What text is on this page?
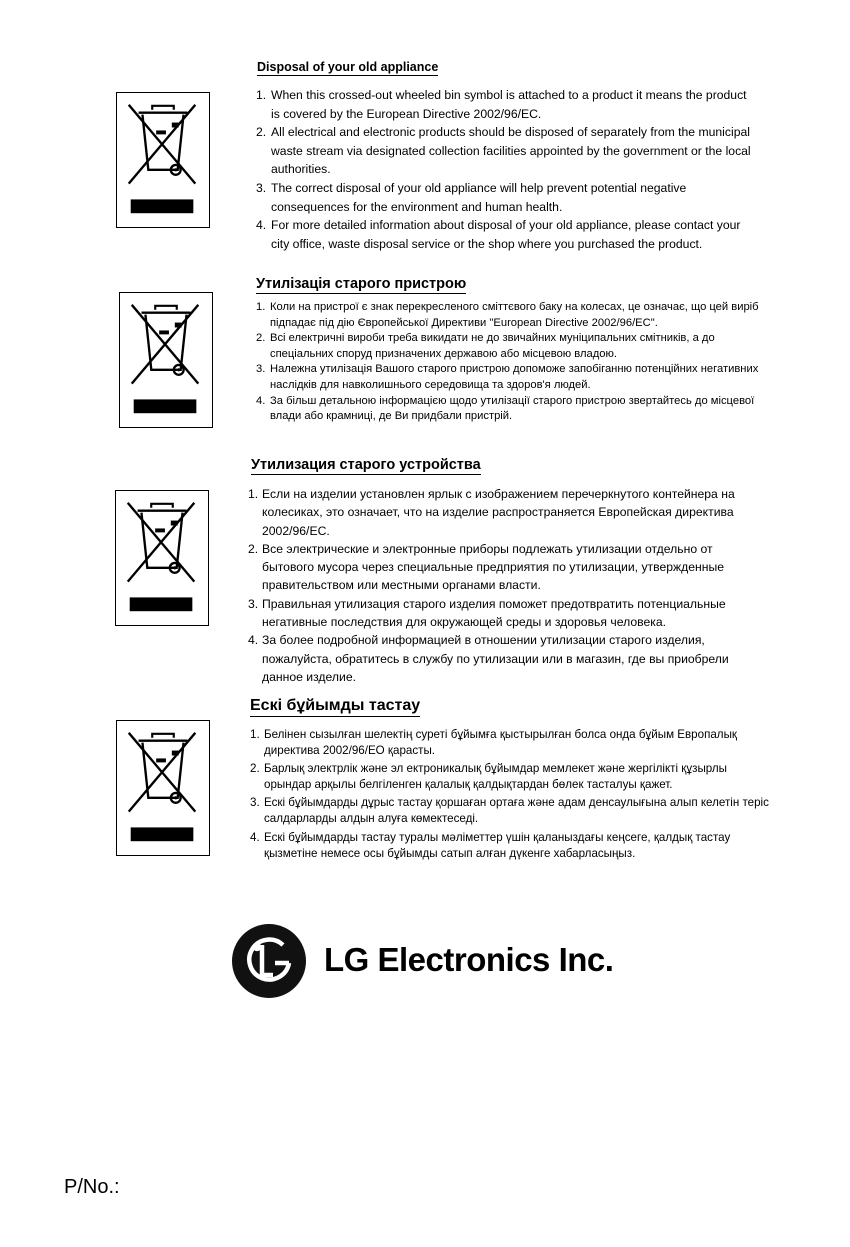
Disposal of your old appliance
1. When this crossed-out wheeled bin symbol is attached to a product it means the product is covered by the European Directive 2002/96/EC.
2. All electrical and electronic products should be disposed of separately from the municipal waste stream via designated collection facilities appointed by the government or the local authorities.
3. The correct disposal of your old appliance will help prevent potential negative consequences for the environment and human health.
4. For more detailed information about disposal of your old appliance, please contact your city office, waste disposal service or the shop where you purchased the product.
Утилізація старого пристрою
1. Коли на пристрої є знак перекресленого сміттєвого баку на колесах, це означає, що цей виріб підпадає під дію Європейської Директиви "European Directive 2002/96/EC".
2. Всі електричні вироби треба викидати не до звичайних муніципальних смітників, а до спеціальних споруд призначених державою або місцевою владою.
3. Належна утилізація Вашого старого пристрою допоможе запобіганню потенційних негативних наслідків для навколишнього середовища та здоров'я людей.
4. За більш детальною інформацією щодо утилізації старого пристрою звертайтесь до місцевої влади або крамниці, де Ви придбали пристрій.
Утилизация старого устройства
1. Если на изделии установлен ярлык с изображением перечеркнутого контейнера на колесиках, это означает, что на изделие распространяется Европейская директива 2002/96/EC.
2. Все электрические и электронные приборы подлежать утилизации отдельно от бытового мусора через специальные предприятия по утилизации, утвержденные правительством или местными органами власти.
3. Правильная утилизация старого изделия поможет предотвратить потенциальные негативные последствия для окружающей среды и здоровья человека.
4. За более подробной информацией в отношении утилизации старого изделия, пожалуйста, обратитесь в службу по утилизации или в магазин, где вы приобрели данное изделие.
Ескі бұйымды тастау
1. Белінен сызылған шелектің суреті бұйымға қыстырылған болса онда бұйым Европалық директива 2002/96/EO қарасты.
2. Барлық электрлік және эл ектроникалық бұйымдар мемлекет және жергілікті құзырлы орындар арқылы белгіленген қалалық қалдықтардан бөлек тасталуы қажет.
3. Ескі бұйымдарды дұрыс тастау қоршаған ортаға және адам денсаулығына алып келетін теріс салдарларды алдын алуға көмектеседі.
4. Ескі бұйымдарды тастау туралы мәліметтер үшін қаланыздағы кеңсеге, қалдық тастау қызметіне немесе осы бұйымды сатып алған дүкенге хабарласыңыз.
LG Electronics Inc.
P/No.:
